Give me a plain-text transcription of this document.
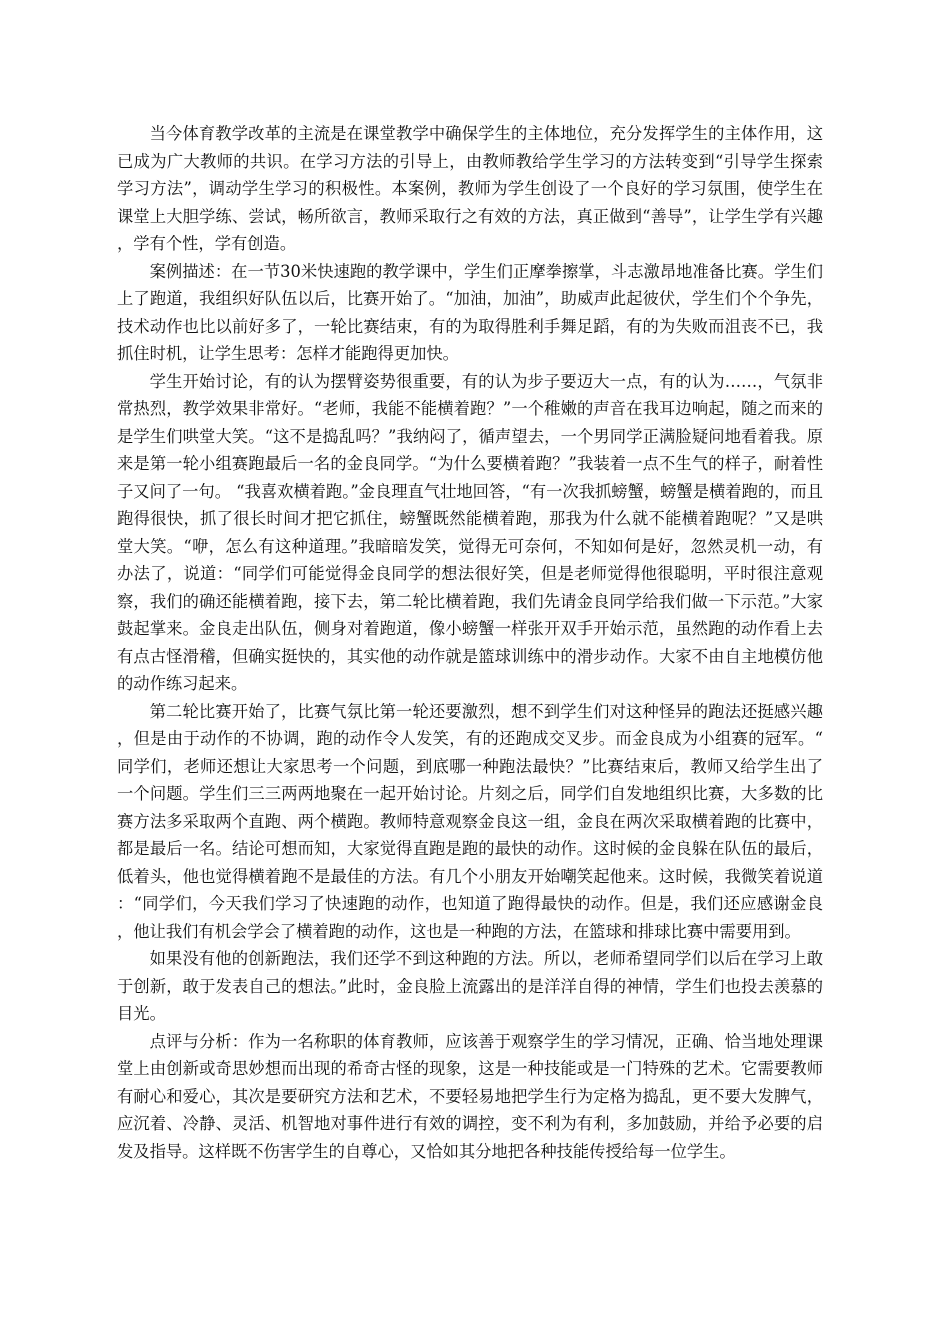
当今体育教学改革的主流是在课堂教学中确保学生的主体地位，充分发挥学生的主体作用，这已成为广大教师的共识。在学习方法的引导上，由教师教给学生学习的方法转变到“引导学生探索学习方法”，调动学生学习的积极性。本案例，教师为学生创设了一个良好的学习氛围，使学生在课堂上大胆学练、尝试，畅所欲言，教师采取行之有效的方法，真正做到“善导”，让学生学有兴趣，学有个性，学有创造。

案例描述：在一节30米快速跑的教学课中，学生们正摩拳擦掌，斗志激昂地准备比赛。学生们上了跑道，我组织好队伍以后，比赛开始了。“加油，加油”，助威声此起彼伏，学生们个个争先，技术动作也比以前好多了，一轮比赛结束，有的为取得胜利手舞足蹈，有的为失败而沮丧不已，我抓住时机，让学生思考：怎样才能跑得更加快。

学生开始讨论，有的认为摆臂姿势很重要，有的认为步子要迈大一点，有的认为……，气氛非常热烈，教学效果非常好。“老师，我能不能横着跑？”一个稚嫩的声音在我耳边响起，随之而来的是学生们哄堂大笑。“这不是捣乱吗？”我纳闷了，循声望去，一个男同学正满脸疑问地看着我。原来是第一轮小组赛跑最后一名的金良同学。“为什么要横着跑？”我装着一点不生气的样子，耐着性子又问了一句。 “我喜欢横着跑。”金良理直气壮地回答，“有一次我抓螃蟹，螃蟹是横着跑的，而且跑得很快，抓了很长时间才把它抓住，螃蟹既然能横着跑，那我为什么就不能横着跑呢？”又是哄堂大笑。“咿，怎么有这种道理。”我暗暗发笑，觉得无可奈何，不知如何是好，忽然灵机一动，有办法了，说道：“同学们可能觉得金良同学的想法很好笑，但是老师觉得他很聪明，平时很注意观察，我们的确还能横着跑，接下去，第二轮比横着跑，我们先请金良同学给我们做一下示范。”大家鼓起掌来。金良走出队伍，侧身对着跑道，像小螃蟹一样张开双手开始示范，虽然跑的动作看上去有点古怪滑稽，但确实挺快的，其实他的动作就是篮球训练中的滑步动作。大家不由自主地模仿他的动作练习起来。

第二轮比赛开始了，比赛气氛比第一轮还要激烈，想不到学生们对这种怪异的跑法还挺感兴趣，但是由于动作的不协调，跑的动作令人发笑，有的还跑成交叉步。而金良成为小组赛的冠军。“同学们，老师还想让大家思考一个问题，到底哪一种跑法最快？”比赛结束后，教师又给学生出了一个问题。学生们三三两两地聚在一起开始讨论。片刻之后，同学们自发地组织比赛，大多数的比赛方法多采取两个直跑、两个横跑。教师特意观察金良这一组，金良在两次采取横着跑的比赛中，都是最后一名。结论可想而知，大家觉得直跑是跑的最快的动作。这时候的金良躲在队伍的最后，低着头，他也觉得横着跑不是最佳的方法。有几个小朋友开始嘲笑起他来。这时候，我微笑着说道：“同学们，今天我们学习了快速跑的动作，也知道了跑得最快的动作。但是，我们还应感谢金良，他让我们有机会学会了横着跑的动作，这也是一种跑的方法，在篮球和排球比赛中需要用到。

如果没有他的创新跑法，我们还学不到这种跑的方法。所以，老师希望同学们以后在学习上敢于创新，敢于发表自己的想法。”此时，金良脸上流露出的是洋洋自得的神情，学生们也投去羡慕的目光。

点评与分析：作为一名称职的体育教师，应该善于观察学生的学习情况，正确、恰当地处理课堂上由创新或奇思妙想而出现的希奇古怪的现象，这是一种技能或是一门特殊的艺术。它需要教师有耐心和爱心，其次是要研究方法和艺术，不要轻易地把学生行为定格为捣乱，更不要大发脾气，应沉着、冷静、灵活、机智地对事件进行有效的调控，变不利为有利，多加鼓励，并给予必要的启发及指导。这样既不伤害学生的自尊心，又恰如其分地把各种技能传授给每一位学生。
